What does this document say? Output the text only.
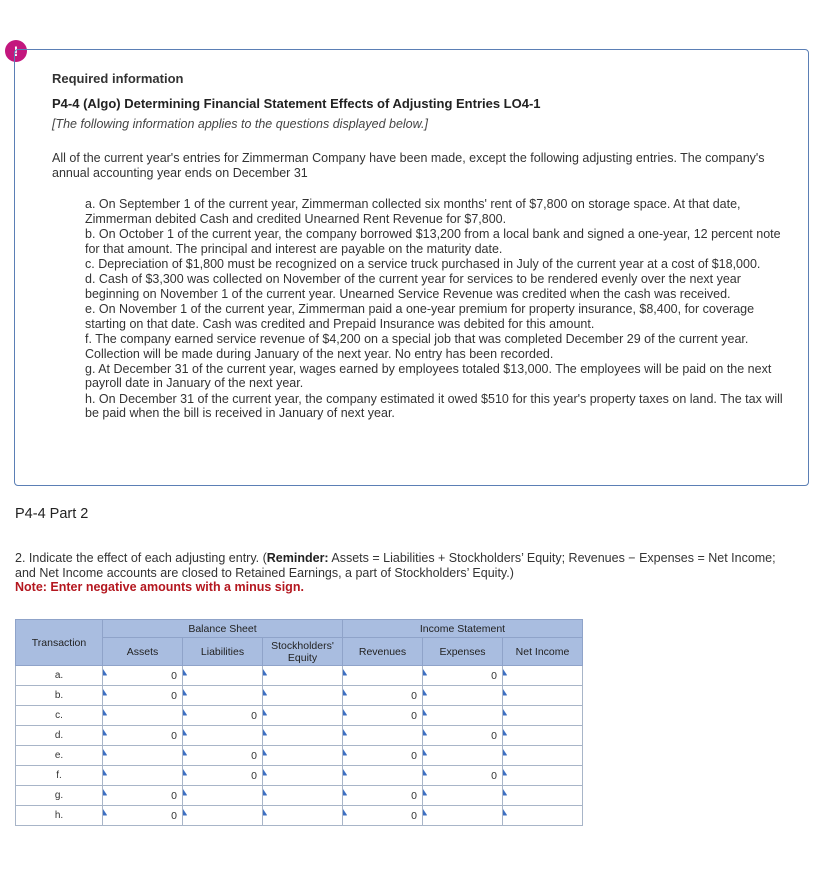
!
Required information
P4-4 (Algo) Determining Financial Statement Effects of Adjusting Entries LO4-1
[The following information applies to the questions displayed below.]
All of the current year's entries for Zimmerman Company have been made, except the following adjusting entries. The company's annual accounting year ends on December 31
a. On September 1 of the current year, Zimmerman collected six months' rent of $7,800 on storage space. At that date, Zimmerman debited Cash and credited Unearned Rent Revenue for $7,800.
b. On October 1 of the current year, the company borrowed $13,200 from a local bank and signed a one-year, 12 percent note for that amount. The principal and interest are payable on the maturity date.
c. Depreciation of $1,800 must be recognized on a service truck purchased in July of the current year at a cost of $18,000.
d. Cash of $3,300 was collected on November of the current year for services to be rendered evenly over the next year beginning on November 1 of the current year. Unearned Service Revenue was credited when the cash was received.
e. On November 1 of the current year, Zimmerman paid a one-year premium for property insurance, $8,400, for coverage starting on that date. Cash was credited and Prepaid Insurance was debited for this amount.
f. The company earned service revenue of $4,200 on a special job that was completed December 29 of the current year. Collection will be made during January of the next year. No entry has been recorded.
g. At December 31 of the current year, wages earned by employees totaled $13,000. The employees will be paid on the next payroll date in January of the next year.
h. On December 31 of the current year, the company estimated it owed $510 for this year's property taxes on land. The tax will be paid when the bill is received in January of next year.
P4-4 Part 2
2. Indicate the effect of each adjusting entry. (Reminder: Assets = Liabilities + Stockholders’ Equity; Revenues − Expenses = Net Income; and Net Income accounts are closed to Retained Earnings, a part of Stockholders’ Equity.)
Note: Enter negative amounts with a minus sign.
Transaction	Balance Sheet			Income Statement		
	Assets	Liabilities	Stockholders' Equity	Revenues	Expenses	Net Income
a.	0				0	
b.	0			0		
c.		0		0		
d.	0				0	
e.		0		0		
f.		0			0	
g.	0			0		
h.	0			0		
